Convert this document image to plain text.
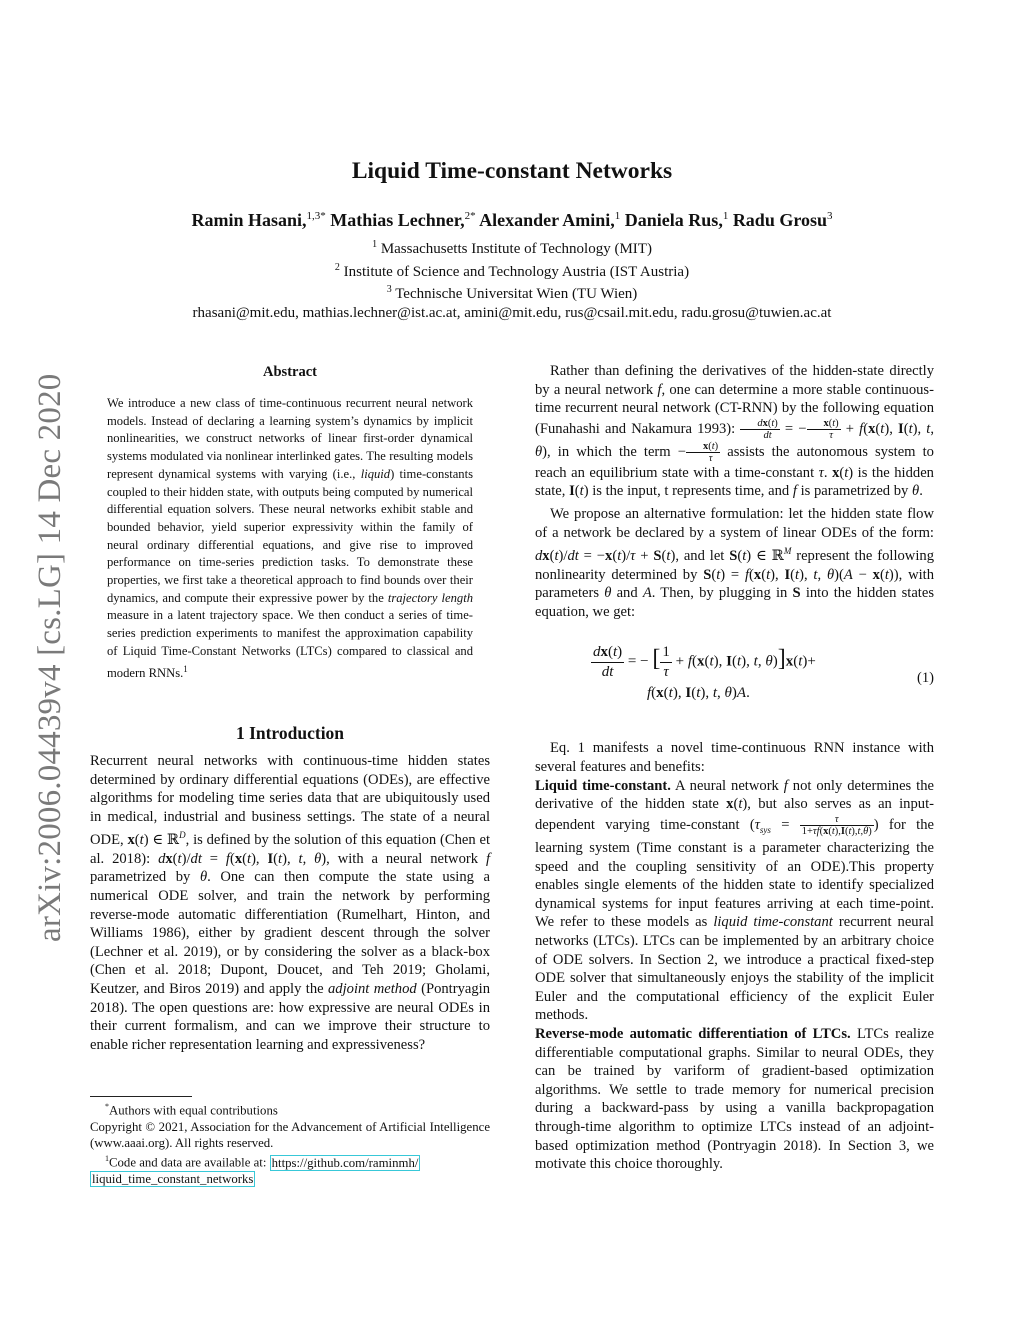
arXiv:2006.04439v4 [cs.LG] 14 Dec 2020
Liquid Time-constant Networks
Ramin Hasani,$^{1,3*}$ Mathias Lechner,$^{2*}$ Alexander Amini,$^1$ Daniela Rus,$^1$ Radu Grosu$^3$
$^1$ Massachusetts Institute of Technology (MIT)
$^2$ Institute of Science and Technology Austria (IST Austria)
$^3$ Technische Universitat Wien (TU Wien)
rhasani@mit.edu, mathias.lechner@ist.ac.at, amini@mit.edu, rus@csail.mit.edu, radu.grosu@tuwien.ac.at
Abstract

We introduce a new class of time-continuous recurrent neural network models. Instead of declaring a learning system’s dynamics by implicit nonlinearities, we construct networks of linear first-order dynamical systems modulated via nonlinear interlinked gates. The resulting models represent dynamical systems with varying (i.e., liquid) time-constants coupled to their hidden state, with outputs being computed by numerical differential equation solvers. These neural networks exhibit stable and bounded behavior, yield superior expressivity within the family of neural ordinary differential equations, and give rise to improved performance on time-series prediction tasks. To demonstrate these properties, we first take a theoretical approach to find bounds over their dynamics, and compute their expressive power by the trajectory length measure in a latent trajectory space. We then conduct a series of time-series prediction experiments to manifest the approximation capability of Liquid Time-Constant Networks (LTCs) compared to classical and modern RNNs.$^1$

1 Introduction

Recurrent neural networks with continuous-time hidden states determined by ordinary differential equations (ODEs), are effective algorithms for modeling time series data that are ubiquitously used in medical, industrial and business settings. The state of a neural ODE, x(t) ∈ ℝ$^D$, is defined by the solution of this equation (Chen et al. 2018): dx(t)/dt = f(x(t), I(t), t, θ), with a neural network f parametrized by θ. One can then compute the state using a numerical ODE solver, and train the network by performing reverse-mode automatic differentiation (Rumelhart, Hinton, and Williams 1986), either by gradient descent through the solver (Lechner et al. 2019), or by considering the solver as a black-box (Chen et al. 2018; Dupont, Doucet, and Teh 2019; Gholami, Keutzer, and Biros 2019) and apply the adjoint method (Pontryagin 2018). The open questions are: how expressive are neural ODEs in their current formalism, and can we improve their structure to enable richer representation learning and expressiveness?

*Authors with equal contributions

Copyright © 2021, Association for the Advancement of Artificial Intelligence (www.aaai.org). All rights reserved.

$^1$Code and data are available at: https://github.com/raminmh/
liquid_time_constant_networks

Rather than defining the derivatives of the hidden-state directly by a neural network f, one can determine a more stable continuous-time recurrent neural network (CT-RNN) by the following equation (Funahashi and Nakamura 1993): $\frac{dx(t)}{dt}$ = − $\frac{x(t)}{\tau} + f(x(t)$, I(t), t, θ), in which the term − $\frac{x(t)}{\tau}$ assists the autonomous system to reach an equilibrium state with a time-constant τ. x(t) is the hidden state, I(t) is the input, t represents time, and f is parametrized by θ.

We propose an alternative formulation: let the hidden state flow of a network be declared by a system of linear ODEs of the form: dx(t)/dt = −x(t)/τ + S(t), and let S(t) ∈ ℝ$^M$ represent the following nonlinearity determined by S(t) = f(x(t), I(t), t, θ)(A − x(t)), with parameters θ and A. Then, by plugging in S into the hidden states equation, we get:

$\frac{dx(t)}{dt}$ = − [ $\frac{1}{\tau} + f(x(t)$, I(t), t, θ)]x(t)+
f(x(t), I(t), t, θ)A.
(1)

Eq. 1 manifests a novel time-continuous RNN instance with several features and benefits:

Liquid time-constant. A neural network f not only determines the derivative of the hidden state x(t), but also serves as an input-dependent varying time-constant ($\tau_{sys} = \frac{\tau}{1+\tau f(x(t),I(t),t,\theta)}$ ) for the learning system (Time constant is a parameter characterizing the speed and the coupling sensitivity of an ODE).This property enables single elements of the hidden state to identify specialized dynamical systems for input features arriving at each time-point. We refer to these models as liquid time-constant recurrent neural networks (LTCs). LTCs can be implemented by an arbitrary choice of ODE solvers. In Section 2, we introduce a practical fixed-step ODE solver that simultaneously enjoys the stability of the implicit Euler and the computational efficiency of the explicit Euler methods.

Reverse-mode automatic differentiation of LTCs. LTCs realize differentiable computational graphs. Similar to neural ODEs, they can be trained by variform of gradient-based optimization algorithms. We settle to trade memory for numerical precision during a backward-pass by using a vanilla backpropagation through-time algorithm to optimize LTCs instead of an adjoint-based optimization method (Pontryagin 2018). In Section 3, we motivate this choice thoroughly.
